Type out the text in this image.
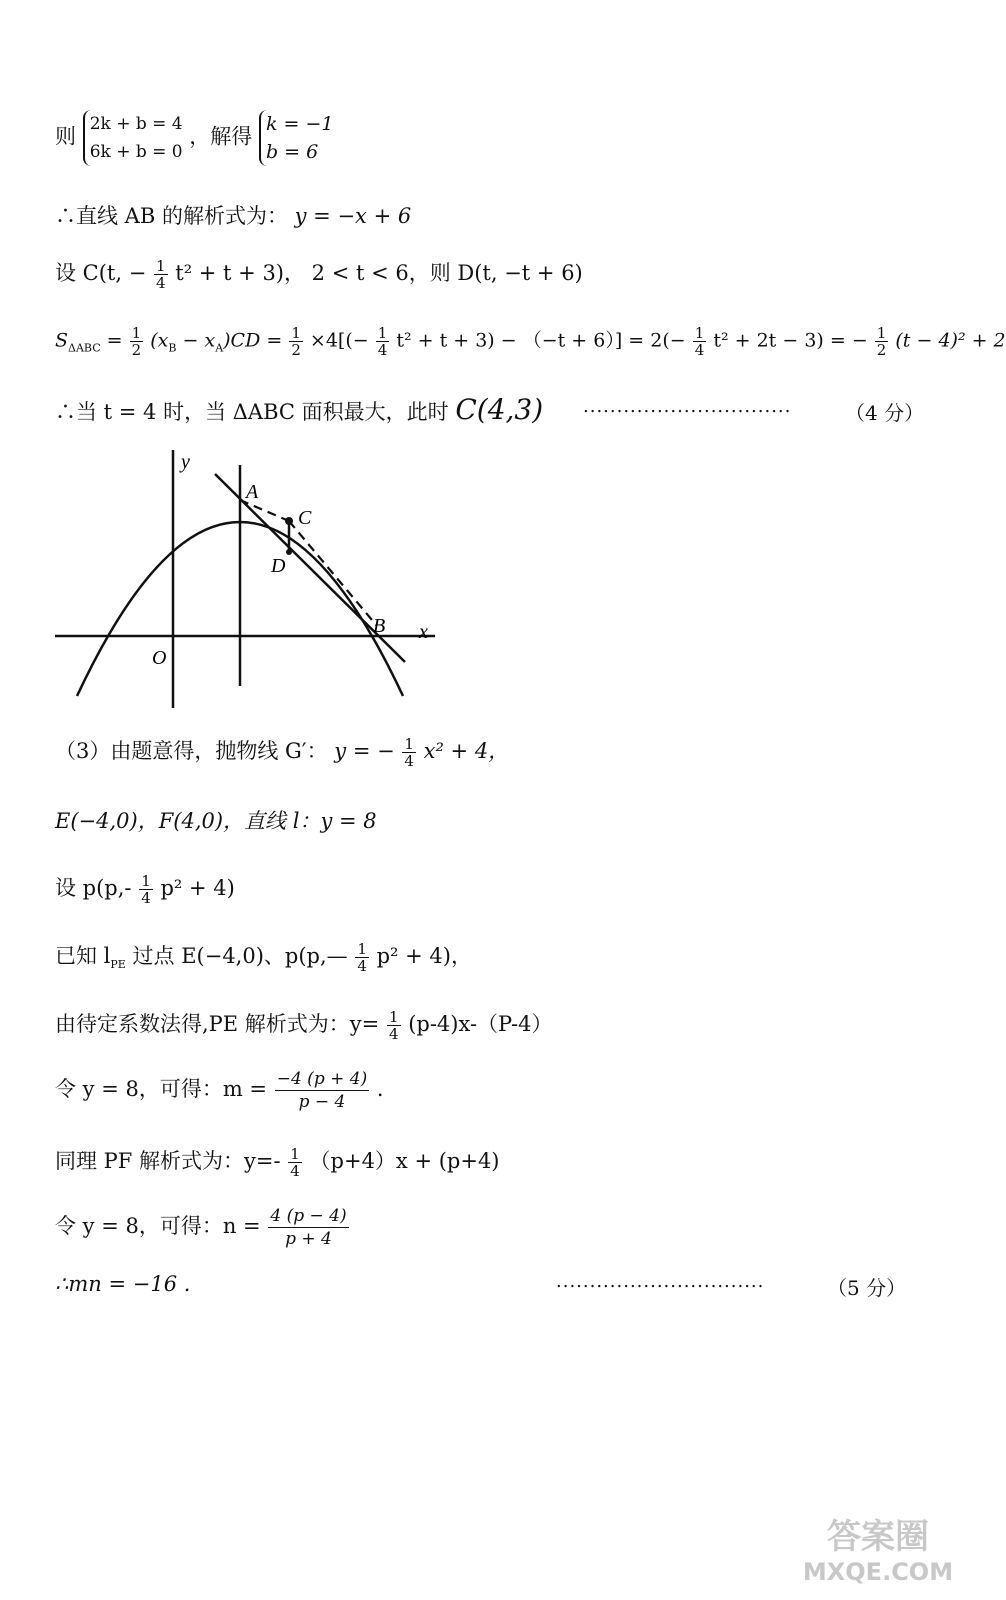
则
2k + b = 4
6k + b = 0
，解得
k = −1
b = 6
∴直线 AB 的解析式为： y = −x + 6
设 C(t, − $\frac{1}{4} t^2 + t + 3$)， 2 < t < 6，则 D(t, −t + 6)
$S_{\Delta ABC} = \frac{1}{2} (x_B - x_A)CD = \frac{1}{2} \times 4[(- \frac{1}{4} t^2 + t + 3) - (-t + 6)] = 2(- \frac{1}{4} t^2 + 2t - 3)$ = − $\frac{1}{2} (t - 4)^2 + 2$
∴当 t = 4 时，当 ΔABC 面积最大，此时 C(4,3) ...............................	（4 分）
y
x
O
A
C
D
B
（3）由题意得，抛物线 G′： y = − $\frac{1}{4} x^2 + 4$，
E(−4,0)，F(4,0)，直线 l：y = 8
设 $p(p,- \frac{1}{4} p^2 + 4)$
已知 $l_{PE}$ 过点 E(−4,0)、p(p,— $\frac{1}{4} p^2 + 4$)，
由待定系数法得,PE 解析式为：$y= \frac{1}{4} (p-4)x-(P-4)$
令 y = 8，可得：$m = \frac{-4 (p + 4)}{p - 4}$ .
同理 PF 解析式为：$y=- \frac{1}{4} (p+4)x + (p+4)$
令 y = 8，可得：$n = \frac{4 (p - 4)}{p + 4}$
∴mn = −16 .	...............................	（5 分）
答案圈
MXQE.COM
